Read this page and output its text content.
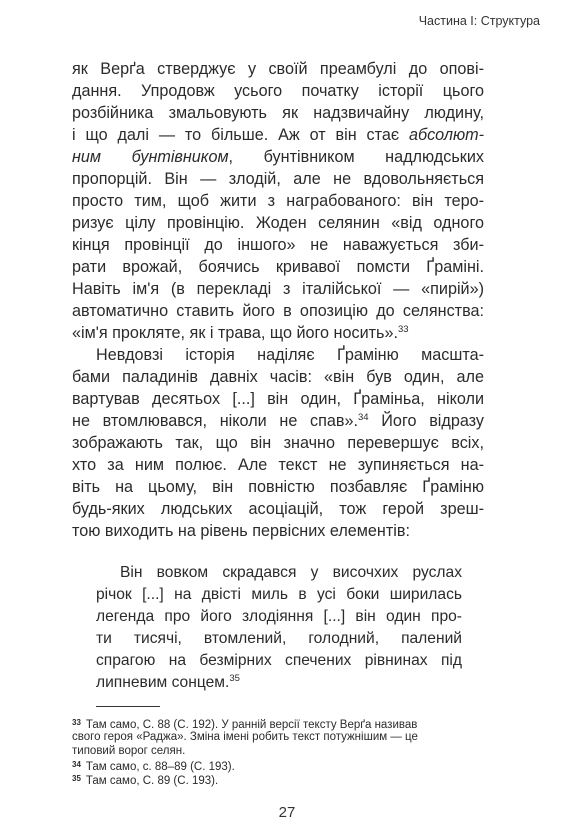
Частина I: Структура
як Верґа стверджує у своїй преамбулі до опові-
дання. Упродовж усього початку історії цього
розбійника змальовують як надзвичайну людину,
і що далі — то більше. Аж от він стає абсолют-
ним бунтівником, бунтівником надлюдських
пропорцій. Він — злодій, але не вдовольняється
просто тим, щоб жити з награбованого: він теро-
ризує цілу провінцію. Жоден селянин «від одного
кінця провінції до іншого» не наважується зби-
рати врожай, боячись кривавої помсти Ґраміні.
Навіть ім'я (в перекладі з італійської — «пирій»)
автоматично ставить його в опозицію до селянства:
«ім'я прокляте, як і трава, що його носить».$^{33}$
Невдовзі історія наділяє Ґраміню масшта-
бами паладинів давніх часів: «він був один, але
вартував десятьох [...] він один, Ґраміньа, ніколи
не втомлювався, ніколи не спав».$^{34}$ Його відразу
зображають так, що він значно перевершує всіх,
хто за ним полює. Але текст не зупиняється на-
віть на цьому, він повністю позбавляє Ґраміню
будь-яких людських асоціацій, тож герой зреш-
тою виходить на рівень первісних елементів:
Він вовком скрадався у височхих руслах
річок [...] на двісті миль в усі боки ширилась
легенда про його злодіяння [...] він один про-
ти тисячі, втомлений, голодний, палений
спрагою на безмірних спечених рівнинах під
липневим сонцем.$^{35}$
$^{33}$ Там само, С. 88 (С. 192). У ранній версії тексту Верґа називав
свого героя «Раджа». Зміна імені робить текст потужнішим — це
типовий ворог селян.
$^{34}$ Там само, с. 88–89 (С. 193).
$^{35}$ Там само, С. 89 (С. 193).
27
